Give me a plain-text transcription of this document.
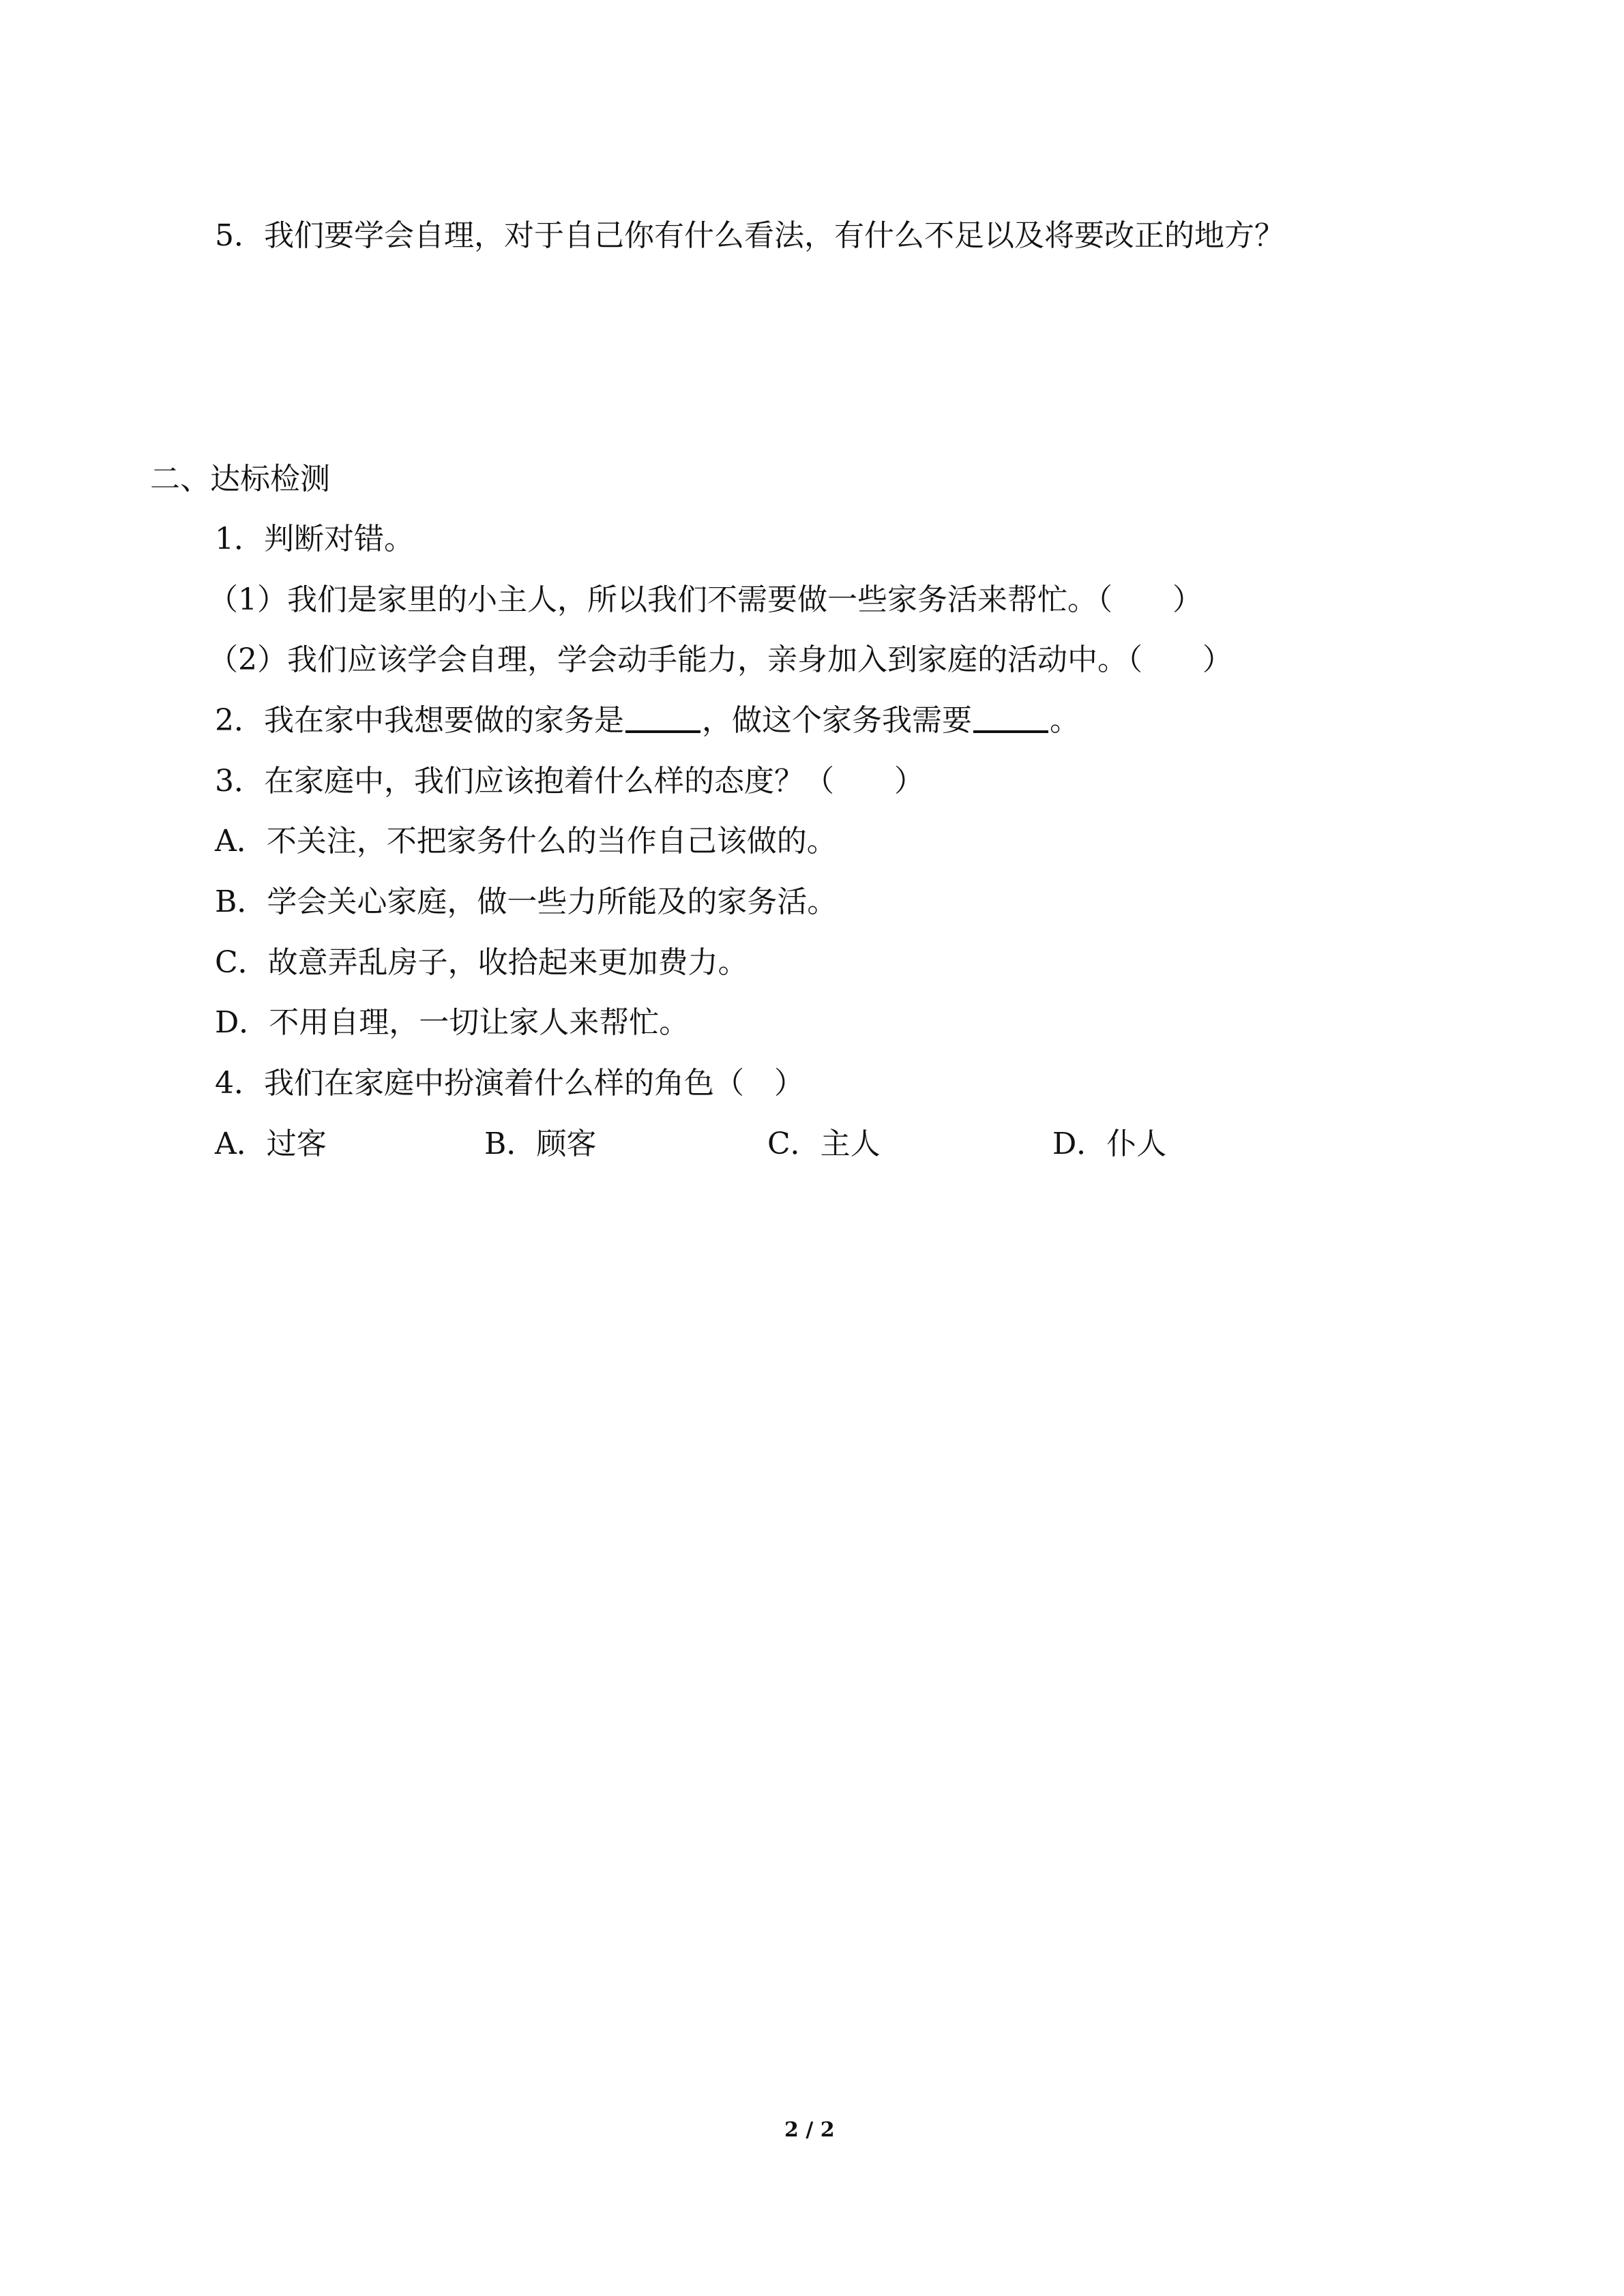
5．我们要学会自理，对于自己你有什么看法，有什么不足以及将要改正的地方？
二、达标检测
1．判断对错。
（1）我们是家里的小主人，所以我们不需要做一些家务活来帮忙。（　　）
（2）我们应该学会自理，学会动手能力，亲身加入到家庭的活动中。（　　）
2．我在家中我想要做的家务是	，做这个家务我需要	。
3．在家庭中，我们应该抱着什么样的态度？（　　）
A．不关注，不把家务什么的当作自己该做的。
B．学会关心家庭，做一些力所能及的家务活。
C．故意弄乱房子，收拾起来更加费力。
D．不用自理，一切让家人来帮忙。
4．我们在家庭中扮演着什么样的角色（　）
A．过客	B．顾客	C．主人	D．仆人
2 / 2
